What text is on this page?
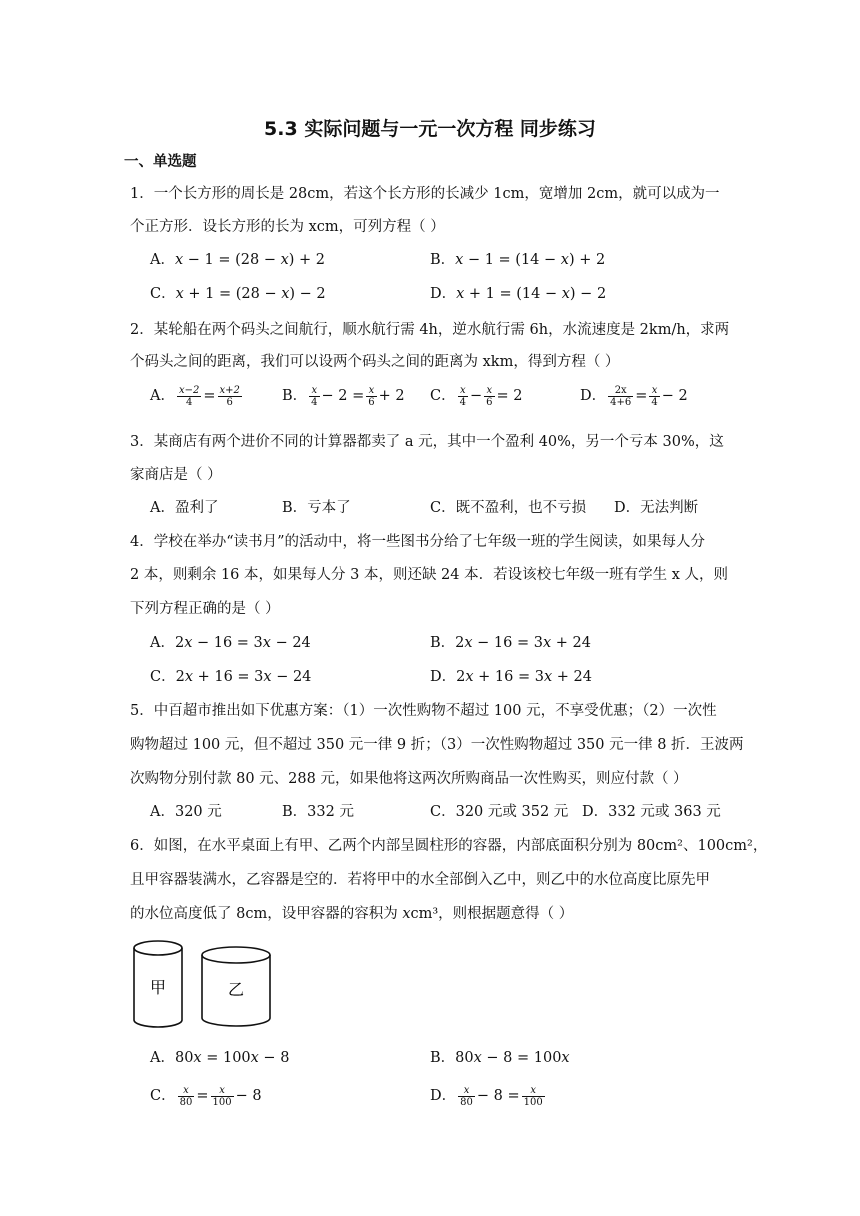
5.3 实际问题与一元一次方程 同步练习
一、单选题
1．一个长方形的周长是 28cm，若这个长方形的长减少 1cm，宽增加 2cm，就可以成为一
个正方形．设长方形的长为 xcm，可列方程（ ）
A．𝑥 − 1 = (28 − 𝑥) + 2	B．𝑥 − 1 = (14 − 𝑥) + 2
C．𝑥 + 1 = (28 − 𝑥) − 2	D．𝑥 + 1 = (14 − 𝑥) − 2
2．某轮船在两个码头之间航行，顺水航行需 4h，逆水航行需 6h，水流速度是 2km/h，求两
个码头之间的距离，我们可以设两个码头之间的距离为 xkm，得到方程（ ）
A． $\frac{x-2}{4} = \frac{x+2}{6}$	B． $\frac{x}{4} - 2 = \frac{x}{6} + 2$ C． $\frac{x}{4} - \frac{x}{6} = 2$	D． $\frac{2x}{4+6} = \frac{x}{4} - 2$
3．某商店有两个进价不同的计算器都卖了 a 元，其中一个盈利 40%，另一个亏本 30%，这
家商店是（ ）
A．盈利了	B．亏本了	C．既不盈利，也不亏损 D．无法判断
4．学校在举办“读书月”的活动中，将一些图书分给了七年级一班的学生阅读，如果每人分
2 本，则剩余 16 本，如果每人分 3 本，则还缺 24 本．若设该校七年级一班有学生 x 人，则
下列方程正确的是（ ）
A．2𝑥 − 16 = 3𝑥 − 24	B．2𝑥 − 16 = 3𝑥 + 24
C．2𝑥 + 16 = 3𝑥 − 24	D．2𝑥 + 16 = 3𝑥 + 24
5．中百超市推出如下优惠方案：（1）一次性购物不超过 100 元，不享受优惠；（2）一次性
购物超过 100 元，但不超过 350 元一律 9 折；（3）一次性购物超过 350 元一律 8 折．王波两
次购物分别付款 80 元、288 元，如果他将这两次所购商品一次性购买，则应付款（ ）
A．320 元	B．332 元	C．320 元或 352 元 D．332 元或 363 元
6．如图，在水平桌面上有甲、乙两个内部呈圆柱形的容器，内部底面积分别为 80cm²、100cm²，
且甲容器装满水，乙容器是空的．若将甲中的水全部倒入乙中，则乙中的水位高度比原先甲
的水位高度低了 8cm，设甲容器的容积为 𝑥cm³，则根据题意得（ ）
甲	乙
A．80𝑥 = 100𝑥 − 8	B．80𝑥 − 8 = 100𝑥
C． $\frac{x}{80} = \frac{x}{100} - 8$	D． $\frac{x}{80} - 8 = \frac{x}{100}$
